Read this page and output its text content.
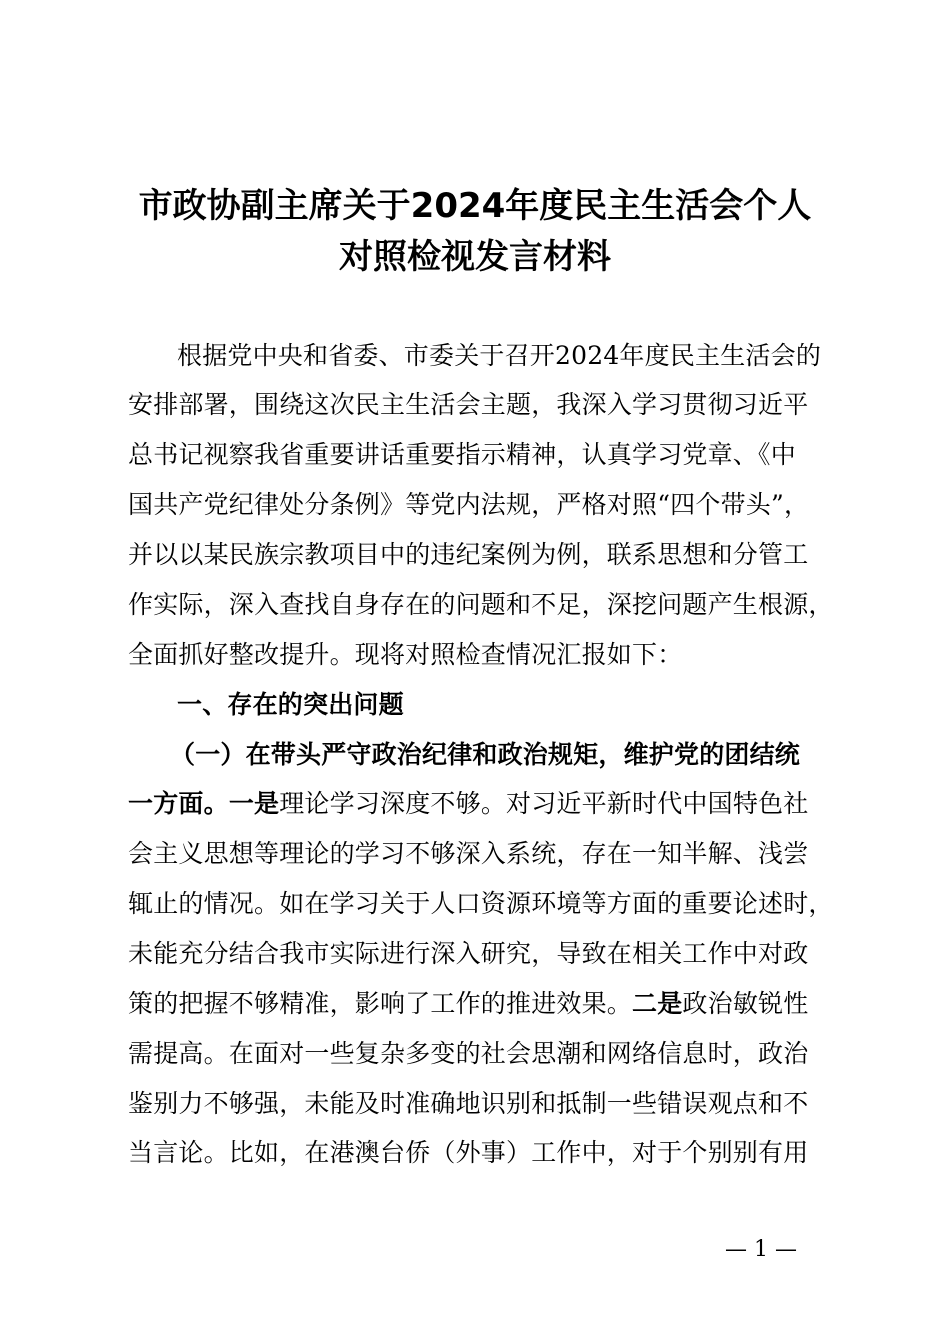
市政协副主席关于2024年度民主生活会个人
对照检视发言材料
根据党中央和省委、市委关于召开2024年度民主生活会的
安排部署，围绕这次民主生活会主题，我深入学习贯彻习近平
总书记视察我省重要讲话重要指示精神，认真学习党章、《中
国共产党纪律处分条例》等党内法规，严格对照“四个带头”，
并以以某民族宗教项目中的违纪案例为例，联系思想和分管工
作实际，深入查找自身存在的问题和不足，深挖问题产生根源，
全面抓好整改提升。现将对照检查情况汇报如下：
一、存在的突出问题
（一）在带头严守政治纪律和政治规矩，维护党的团结统
一方面。一是理论学习深度不够。对习近平新时代中国特色社
会主义思想等理论的学习不够深入系统，存在一知半解、浅尝
辄止的情况。如在学习关于人口资源环境等方面的重要论述时，
未能充分结合我市实际进行深入研究，导致在相关工作中对政
策的把握不够精准，影响了工作的推进效果。二是政治敏锐性
需提高。在面对一些复杂多变的社会思潮和网络信息时，政治
鉴别力不够强，未能及时准确地识别和抵制一些错误观点和不
当言论。比如，在港澳台侨（外事）工作中，对于个别别有用
— 1 —
